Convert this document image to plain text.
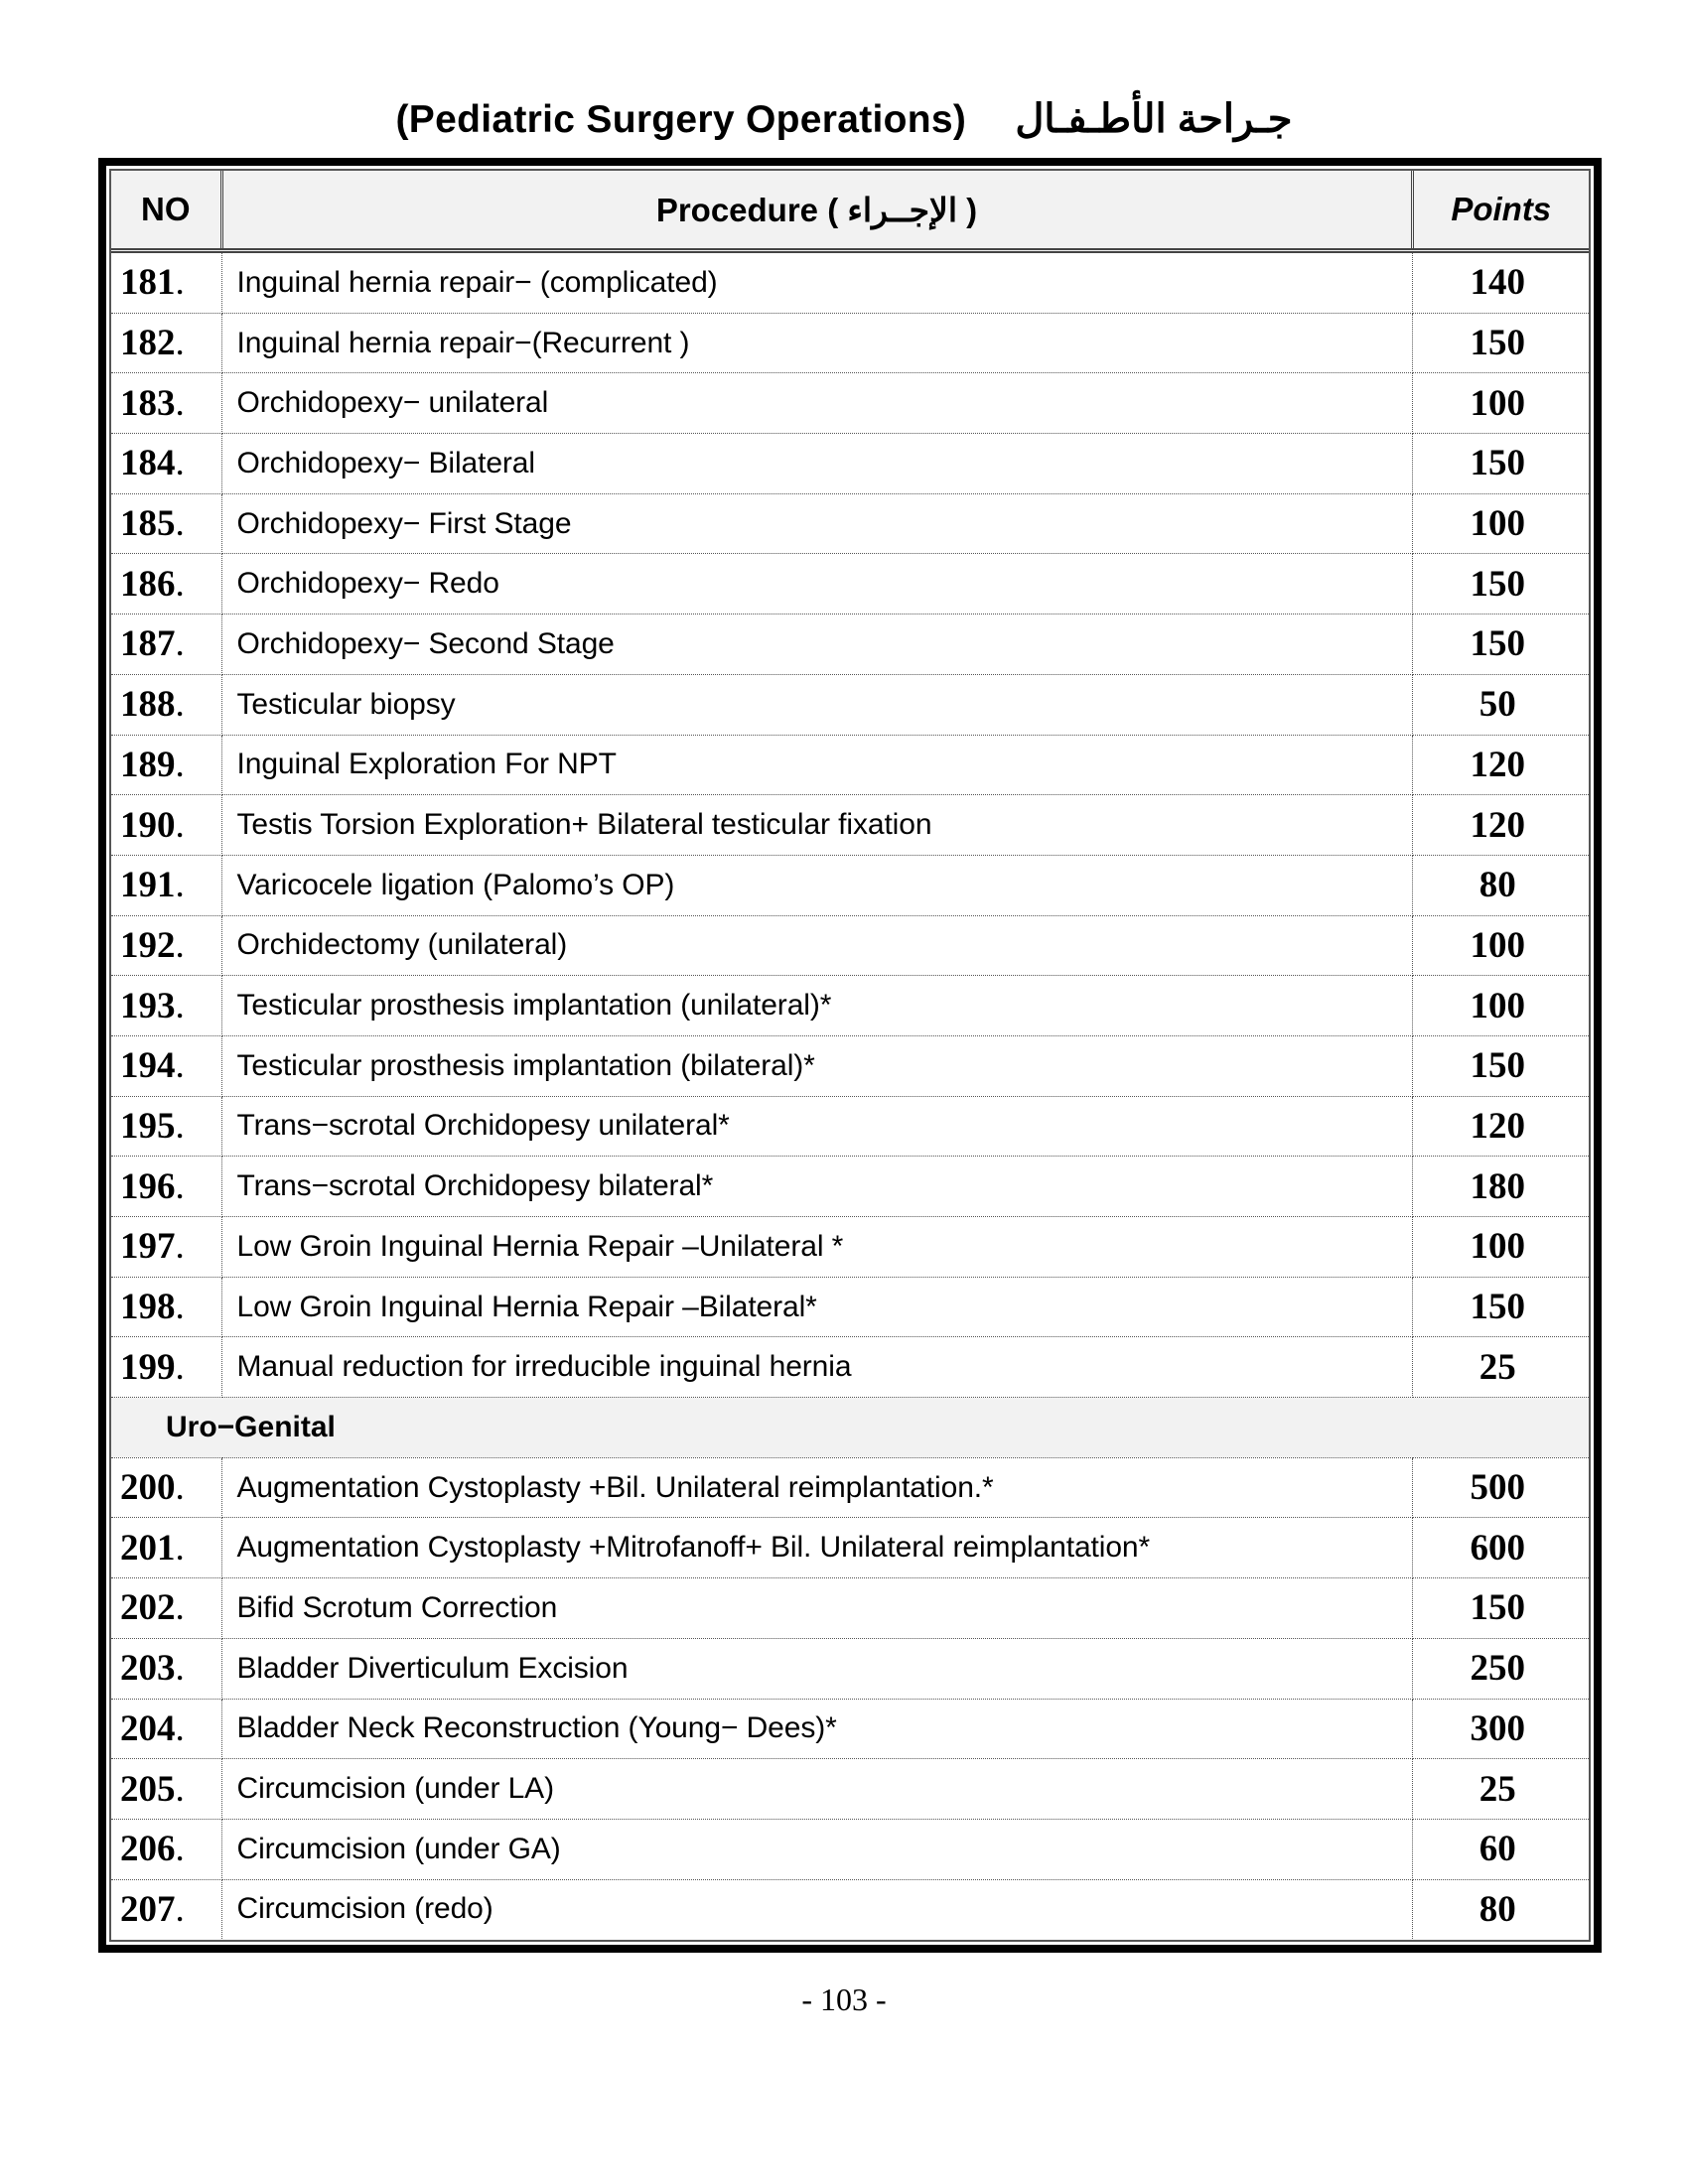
(Pediatric Surgery Operations) جـراحة الأطـفـال
NO	Procedure ( الإجــراء )	Points
181.	Inguinal hernia repair− (complicated)	140
182.	Inguinal hernia repair−(Recurrent )	150
183.	Orchidopexy− unilateral	100
184.	Orchidopexy− Bilateral	150
185.	Orchidopexy− First Stage	100
186.	Orchidopexy− Redo	150
187.	Orchidopexy− Second Stage	150
188.	Testicular biopsy	50
189.	Inguinal Exploration For NPT	120
190.	Testis Torsion Exploration+ Bilateral testicular fixation	120
191.	Varicocele ligation (Palomo’s OP)	80
192.	Orchidectomy (unilateral)	100
193.	Testicular prosthesis implantation (unilateral)*	100
194.	Testicular prosthesis implantation (bilateral)*	150
195.	Trans−scrotal Orchidopesy unilateral*	120
196.	Trans−scrotal Orchidopesy bilateral*	180
197.	Low Groin Inguinal Hernia Repair –Unilateral *	100
198.	Low Groin Inguinal Hernia Repair –Bilateral*	150
199.	Manual reduction for irreducible inguinal hernia	25
Uro−Genital		
200.	Augmentation Cystoplasty +Bil. Unilateral reimplantation.*	500
201.	Augmentation Cystoplasty +Mitrofanoff+ Bil. Unilateral reimplantation*	600
202.	Bifid Scrotum Correction	150
203.	Bladder Diverticulum Excision	250
204.	Bladder Neck Reconstruction (Young− Dees)*	300
205.	Circumcision (under LA)	25
206.	Circumcision (under GA)	60
207.	Circumcision (redo)	80
- 103 -
